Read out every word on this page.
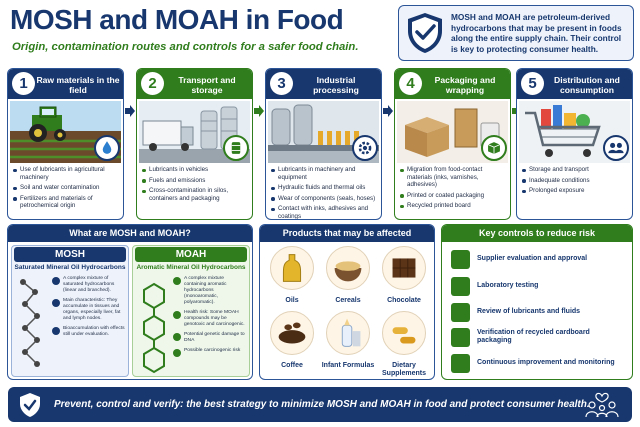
MOSH and MOAH in Food
Origin, contamination routes and controls for a safer food chain.
MOSH and MOAH are petroleum-derived hydrocarbons that may be present in foods along the entire supply chain. Their control is key to protecting consumer health.
1	Raw materials in the field
Use of lubricants in agricultural machinery
Soil and water contamination
Fertilizers and materials of petrochemical origin
2	Transport and storage
Lubricants in vehicles
Fuels and emissions
Cross-contamination in silos, containers and packaging
3	Industrial processing
Lubricants in machinery and equipment
Hydraulic fluids and thermal oils
Wear of components (seals, hoses)
Contact with inks, adhesives and coatings
4	Packaging and wrapping
Migration from food-contact materials (inks, varnishes, adhesives)
Printed or coated packaging
Recycled printed board
5	Distribution and consumption
Storage and transport
Inadequate conditions
Prolonged exposure
What are MOSH and MOAH?
MOSH
Saturated Mineral Oil Hydrocarbons
A complex mixture of saturated hydrocarbons (linear and branched).
Main characteristic: They accumulate in tissues and organs, especially liver, fat and lymph nodes.
Bioaccumulation with effects still under evaluation.
MOAH
Aromatic Mineral Oil Hydrocarbons
A complex mixture containing aromatic hydrocarbons (monoaromatic, polyaromatic).
Health risk: Some MOAH compounds may be genotoxic and carcinogenic.
Potential genetic damage to DNA
Possible carcinogenic risk
Products that may be affected
Oils	Cereals	Chocolate
Coffee	Infant Formulas	Dietary Supplements
Key controls to reduce risk
Supplier evaluation and approval
Laboratory testing
Review of lubricants and fluids
Verification of recycled cardboard packaging
Continuous improvement and monitoring
Prevent, control and verify: the best strategy to minimize MOSH and MOAH in food and protect consumer health.
